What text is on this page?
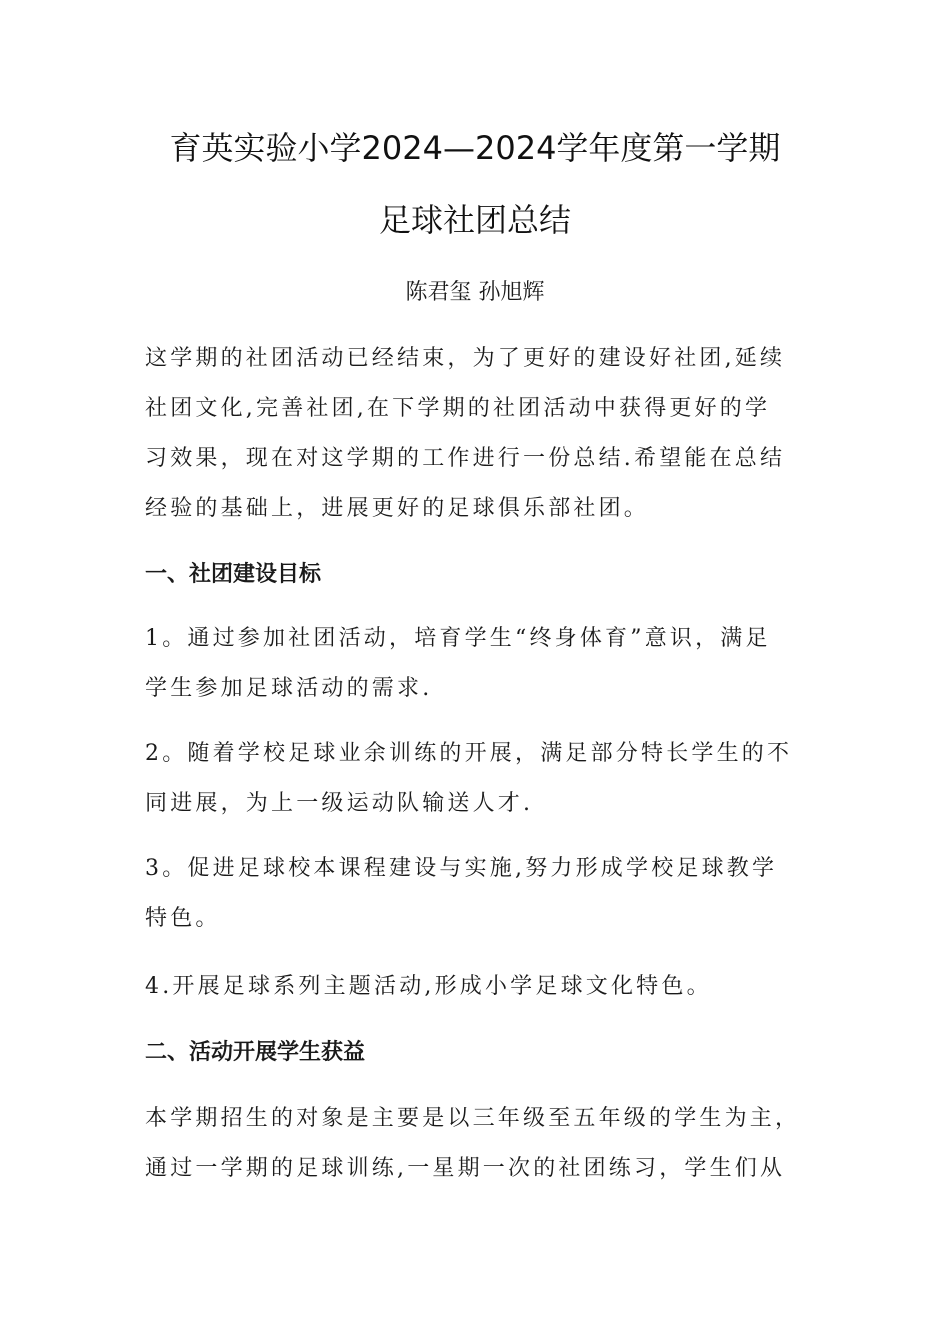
育英实验小学2024—2024学年度第一学期
足球社团总结
陈君玺 孙旭辉
这学期的社团活动已经结束，为了更好的建设好社团,延续
社团文化,完善社团,在下学期的社团活动中获得更好的学
习效果，现在对这学期的工作进行一份总结.希望能在总结
经验的基础上，进展更好的足球俱乐部社团。
一、社团建设目标
1。通过参加社团活动，培育学生“终身体育”意识，满足
学生参加足球活动的需求.
2。随着学校足球业余训练的开展，满足部分特长学生的不
同进展，为上一级运动队输送人才.
3。促进足球校本课程建设与实施,努力形成学校足球教学
特色。
4.开展足球系列主题活动,形成小学足球文化特色。
二、活动开展学生获益
本学期招生的对象是主要是以三年级至五年级的学生为主，
通过一学期的足球训练,一星期一次的社团练习，学生们从
